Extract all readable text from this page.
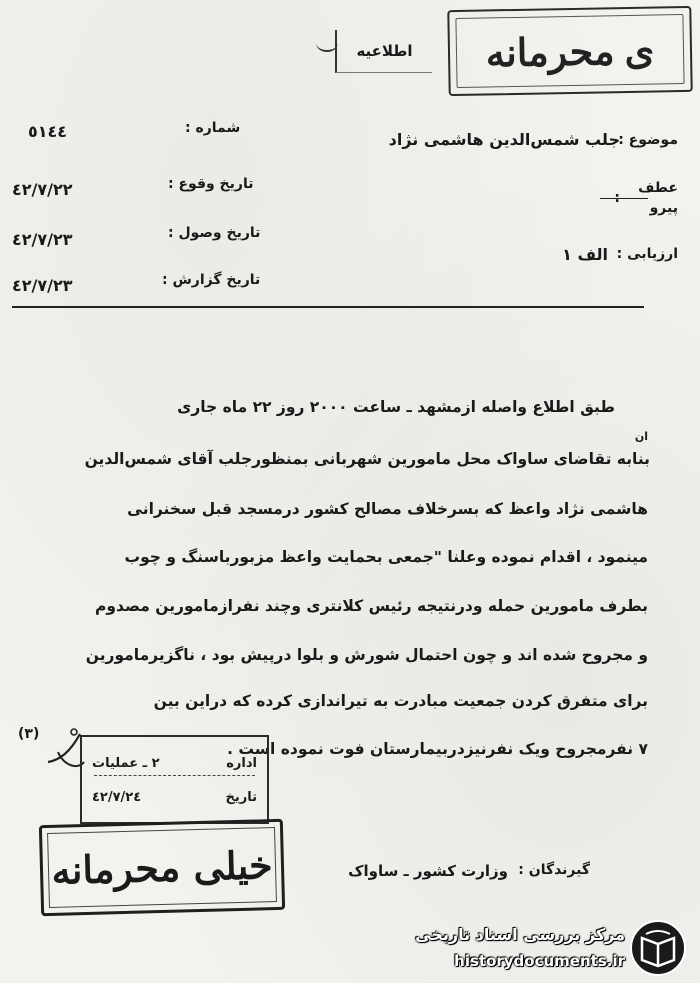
ی
محرمانه
اطلاعیه
موضوع :
جلب شمس‌الدین هاشمی نژاد
عطف
پیرو
:
ارزیابی :
الف ١
شماره :
٥١٤٤
تاریخ وقوع :
٤٢/٧/٢٢
تاریخ وصول :
٤٢/٧/٢٣
تاریخ گزارش :
٤٢/٧/٢٣
ان
طبق اطلاع واصله ازمشهد ـ ساعت ٢٠٠٠ روز ٢٢ ماه جاری
بنابه تقاضای ساواک محل مامورین شهربانی بمنظورجلب آقای شمس‌الدین
هاشمی نژاد واعظ که بسرخلاف مصالح کشور درمسجد قبل سخنرانی
مینمود ، اقدام نموده وعلنا "جمعی بحمایت واعظ مزبورباسنگ و چوب
بطرف مامورین حمله ودرنتیجه رئیس کلانتری وچند نفرازمامورین مصدوم
و مجروح شده اند و چون احتمال شورش ‌و ‌بلوا درپیش بود ، ناگزیرمامورین
برای متفرق کردن جمعیت مبادرت به تیراندازی کرده که دراین بین
٧ نفرمجروح ویک نفرنیزدربیمارستان فوت نموده است .
(٣)
اداره
٢ ـ عملیات
تاریخ
٤٢/٧/٢٤
خیلی محرمانه	گیرندگان :
وزارت کشور ـ ساواک
مرکز بررسی اسناد تاریخی
historydocuments.ir
